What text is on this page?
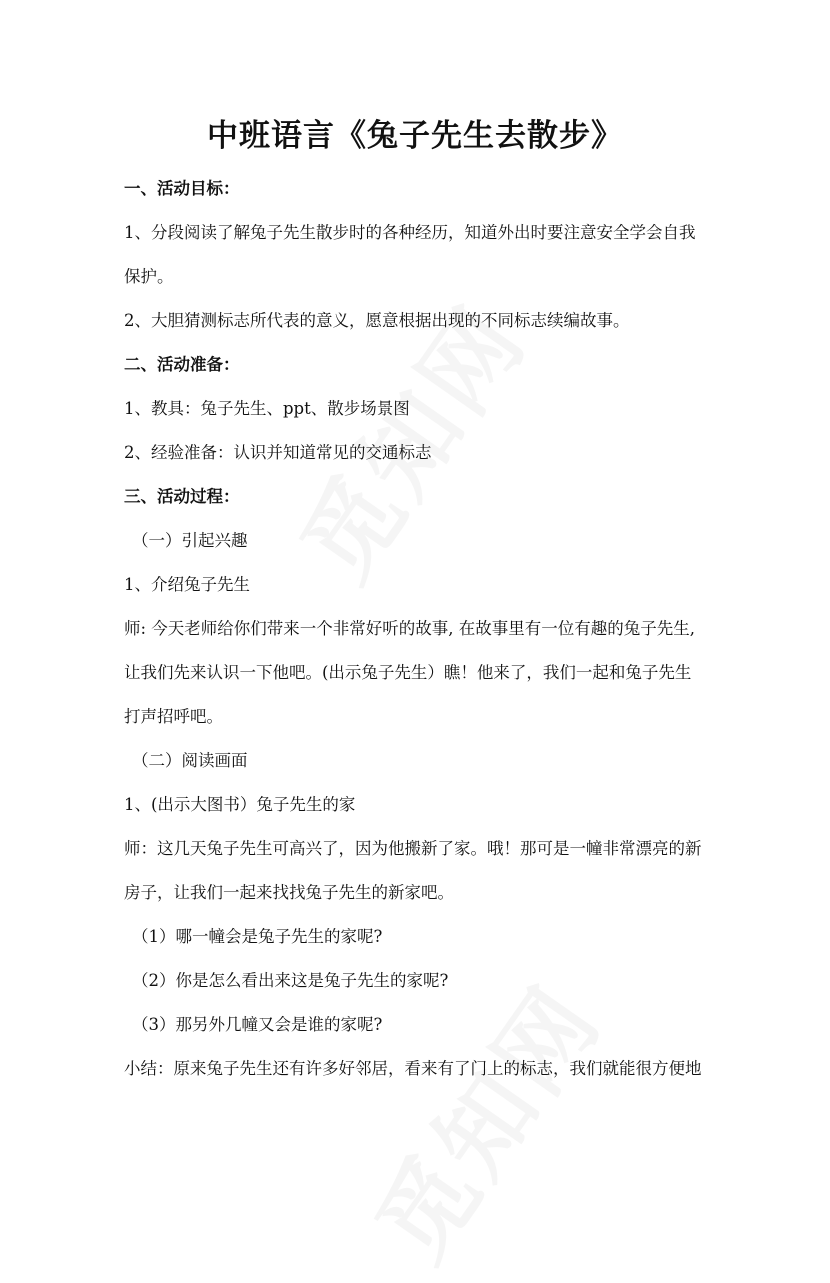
中班语言《兔子先生去散步》
一、活动目标：
1、分段阅读了解兔子先生散步时的各种经历，知道外出时要注意安全学会自我
保护。
2、大胆猜测标志所代表的意义，愿意根据出现的不同标志续编故事。
二、活动准备：
1、教具：兔子先生、ppt、散步场景图
2、经验准备：认识并知道常见的交通标志
三、活动过程：
（一）引起兴趣
1、介绍兔子先生
师: 今天老师给你们带来一个非常好听的故事, 在故事里有一位有趣的兔子先生,
让我们先来认识一下他吧。(出示兔子先生）瞧！他来了，我们一起和兔子先生
打声招呼吧。
（二）阅读画面
1、(出示大图书）兔子先生的家
师：这几天兔子先生可高兴了，因为他搬新了家。哦！那可是一幢非常漂亮的新
房子，让我们一起来找找兔子先生的新家吧。
（1）哪一幢会是兔子先生的家呢?
（2）你是怎么看出来这是兔子先生的家呢?
（3）那另外几幢又会是谁的家呢?
小结：原来兔子先生还有许多好邻居，看来有了门上的标志，我们就能很方便地
